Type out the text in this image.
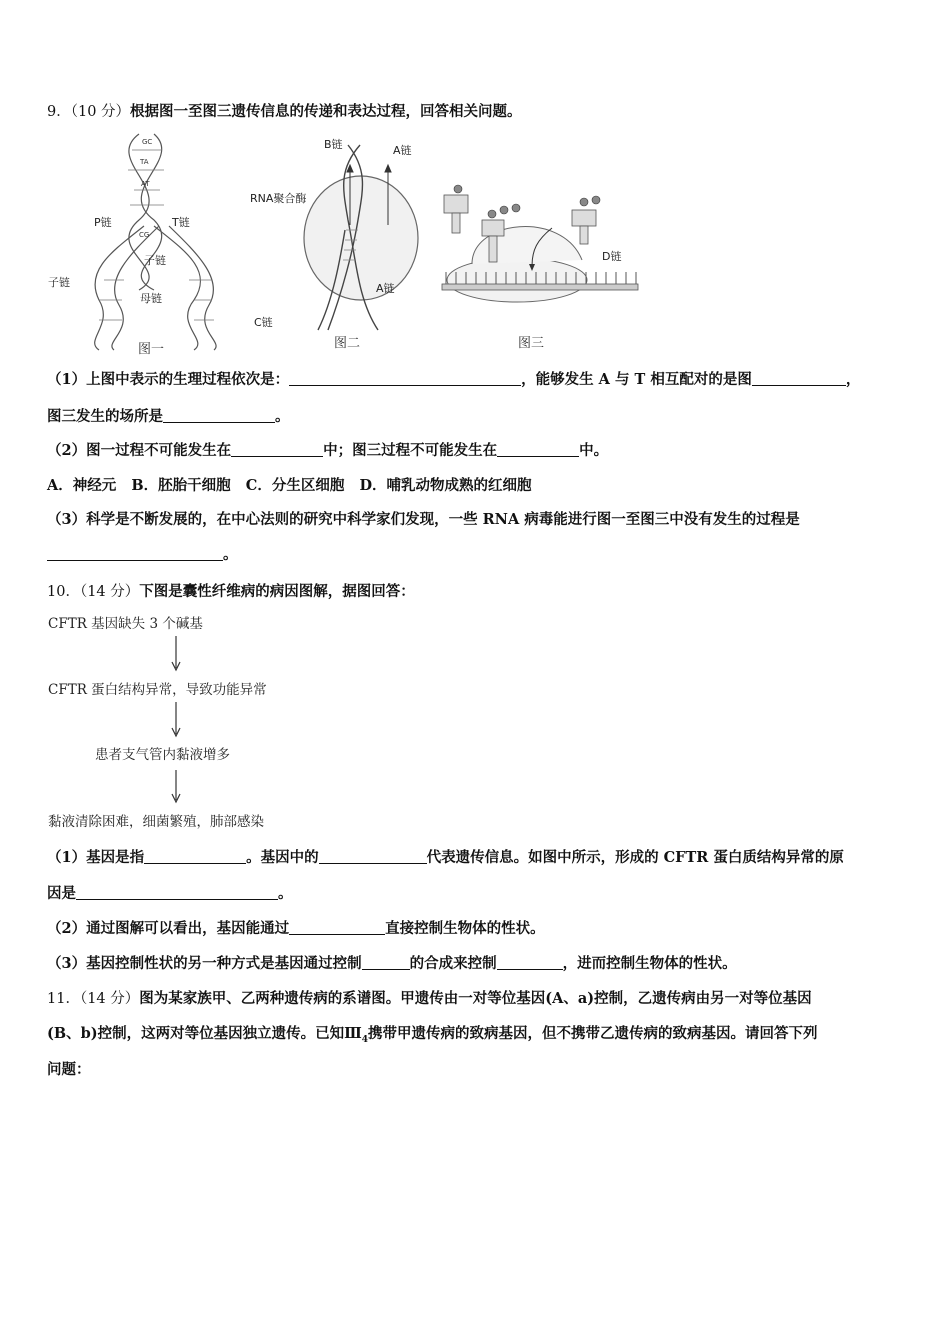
9．（10 分）根据图一至图三遗传信息的传递和表达过程，回答相关问题。
GC
TA
AT
CG
P链	T链
子链
子链
母链
图一
B链	A链
RNA聚合酶
C链
A链
图二
D链
图三
（1）上图中表示的生理过程依次是：	，能够发生 A 与 T 相互配对的是图	，
图三发生的场所是	。
（2）图一过程不可能发生在	中；图三过程不可能发生在	中。
A．神经元   B．胚胎干细胞   C．分生区细胞   D．哺乳动物成熟的红细胞
（3）科学是不断发展的，在中心法则的研究中科学家们发现，一些 RNA 病毒能进行图一至图三中没有发生的过程是
。
10．（14 分）下图是囊性纤维病的病因图解，据图回答：
CFTR 基因缺失 3 个碱基
CFTR 蛋白结构异常，导致功能异常
患者支气管内黏液增多
黏液清除困难，细菌繁殖，肺部感染
（1）基因是指	。基因中的	代表遗传信息。如图中所示，形成的 CFTR 蛋白质结构异常的原
因是	。
（2）通过图解可以看出，基因能通过	直接控制生物体的性状。
（3）基因控制性状的另一种方式是基因通过控制	的合成来控制	，进而控制生物体的性状。
11．（14 分）图为某家族甲、乙两种遗传病的系谱图。甲遗传由一对等位基因(A、a)控制，乙遗传病由另一对等位基因
(B、b)控制，这两对等位基因独立遗传。已知$Ⅲ_4$携带甲遗传病的致病基因，但不携带乙遗传病的致病基因。请回答下列
问题：
